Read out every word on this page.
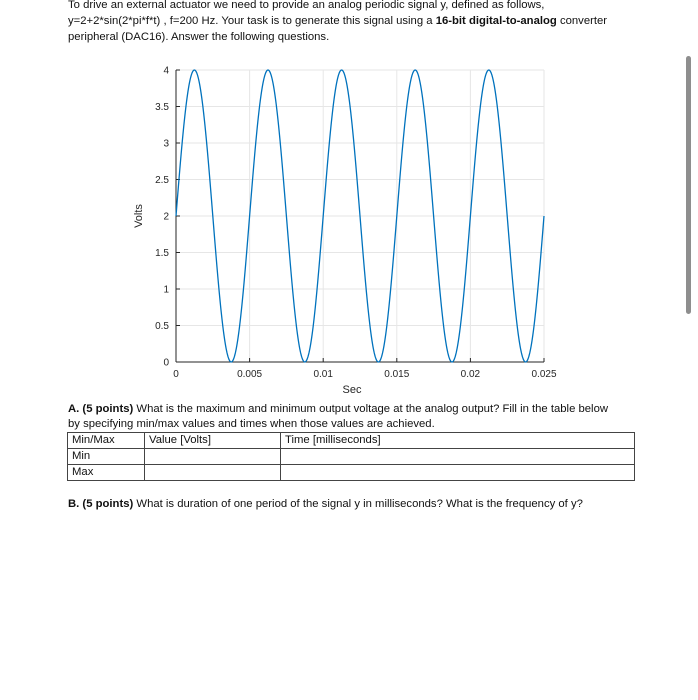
To drive an external actuator we need to provide an analog periodic signal y, defined as follows,
y=2+2*sin(2*pi*f*t) , f=200 Hz. Your task is to generate this signal using a 16-bit digital-to-analog converter
peripheral (DAC16). Answer the following questions.

0	0.005	0.01	0.015	0.02	0.025
0
0.5
1
1.5
2
2.5
3
3.5
4
Sec
Volts

A. (5 points) What is the maximum and minimum output voltage at the analog output? Fill in the table below
by specifying min/max values and times when those values are achieved.

Min/Max	Value [Volts]	Time [milliseconds]
Min		
Max		

B. (5 points) What is duration of one period of the signal y in milliseconds? What is the frequency of y?
